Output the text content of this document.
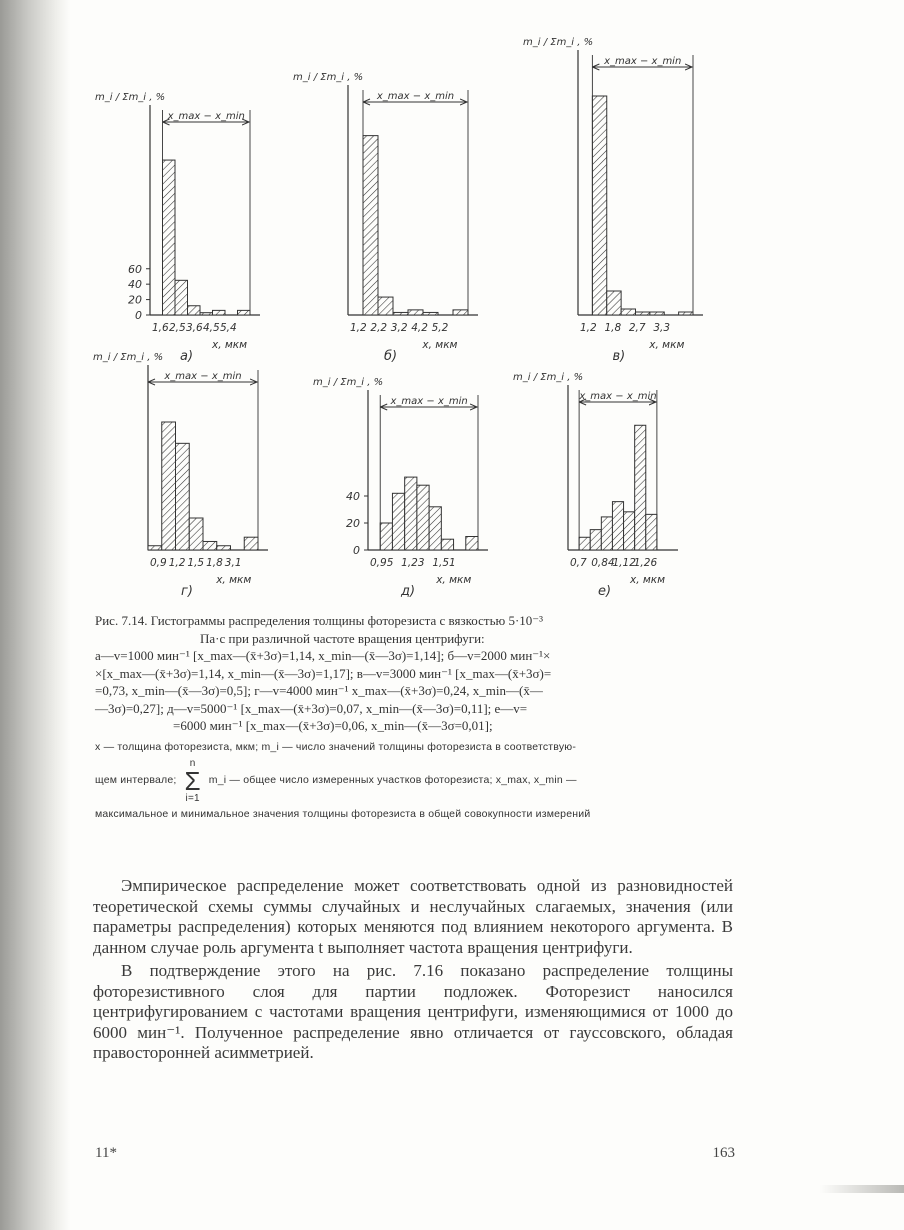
x_max − x_min
m_i / Σm_i , %
60
40
20
0
1,6 2,5 3,6 4,5 5,4
x, мкм
а)
x_max − x_min
m_i / Σm_i , %
1,2 2,2 3,2 4,2 5,2
x, мкм
б)
x_max − x_min
m_i / Σm_i , %
1,2 1,8 2,7 3,3
x, мкм
в)
x_max − x_min
m_i / Σm_i , %
0,9 1,2 1,5 1,8 3,1
x, мкм
г)
x_max − x_min
m_i / Σm_i , %
40
20
0
0,95 1,23 1,51
x, мкм
д)
x_max − x_min
m_i / Σm_i , %
0,7 0,84
1,12
1,26
x, мкм
е)
Рис. 7.14. Гистограммы распределения толщины фоторезиста с вязкостью 5·10⁻³
Па·с при различной частоте вращения центрифуги:
а—v=1000 мин⁻¹ [x_max—(x̄+3σ)=1,14, x_min—(x̄—3σ)=1,14]; б—v=2000 мин⁻¹×
×[x_max—(x̄+3σ)=1,14, x_min—(x̄—3σ)=1,17]; в—v=3000 мин⁻¹ [x_max—(x̄+3σ)=
=0,73, x_min—(x̄—3σ)=0,5]; г—v=4000 мин⁻¹ x_max—(x̄+3σ)=0,24, x_min—(x̄—
—3σ)=0,27]; д—v=5000⁻¹ [x_max—(x̄+3σ)=0,07, x_min—(x̄—3σ)=0,11]; е—v=
=6000 мин⁻¹ [x_max—(x̄+3σ)=0,06, x_min—(x̄—3σ=0,01];
x — толщина фоторезиста, мкм; m_i — число значений толщины фоторезиста в соответствую-
щем интервале;
n
Σ
i=1
m_i — общее число измеренных участков фоторезиста; x_max, x_min —
максимальное и минимальное значения толщины фоторезиста в общей совокупности измерений

Эмпирическое распределение может соответствовать одной из разновидностей теоретической схемы суммы случайных и неслучайных слагаемых, значения (или параметры распределения) которых меняются под влиянием некоторого аргумента. В данном случае роль аргумента t выполняет частота вращения центрифуги.

В подтверждение этого на рис. 7.16 показано распределение толщины фоторезистивного слоя для партии подложек. Фоторезист наносился центрифугированием с частотами вращения центрифуги, изменяющимися от 1000 до 6000 мин⁻¹. Полученное распределение явно отличается от гауссовского, обладая правосторонней асимметрией.

11*	163
